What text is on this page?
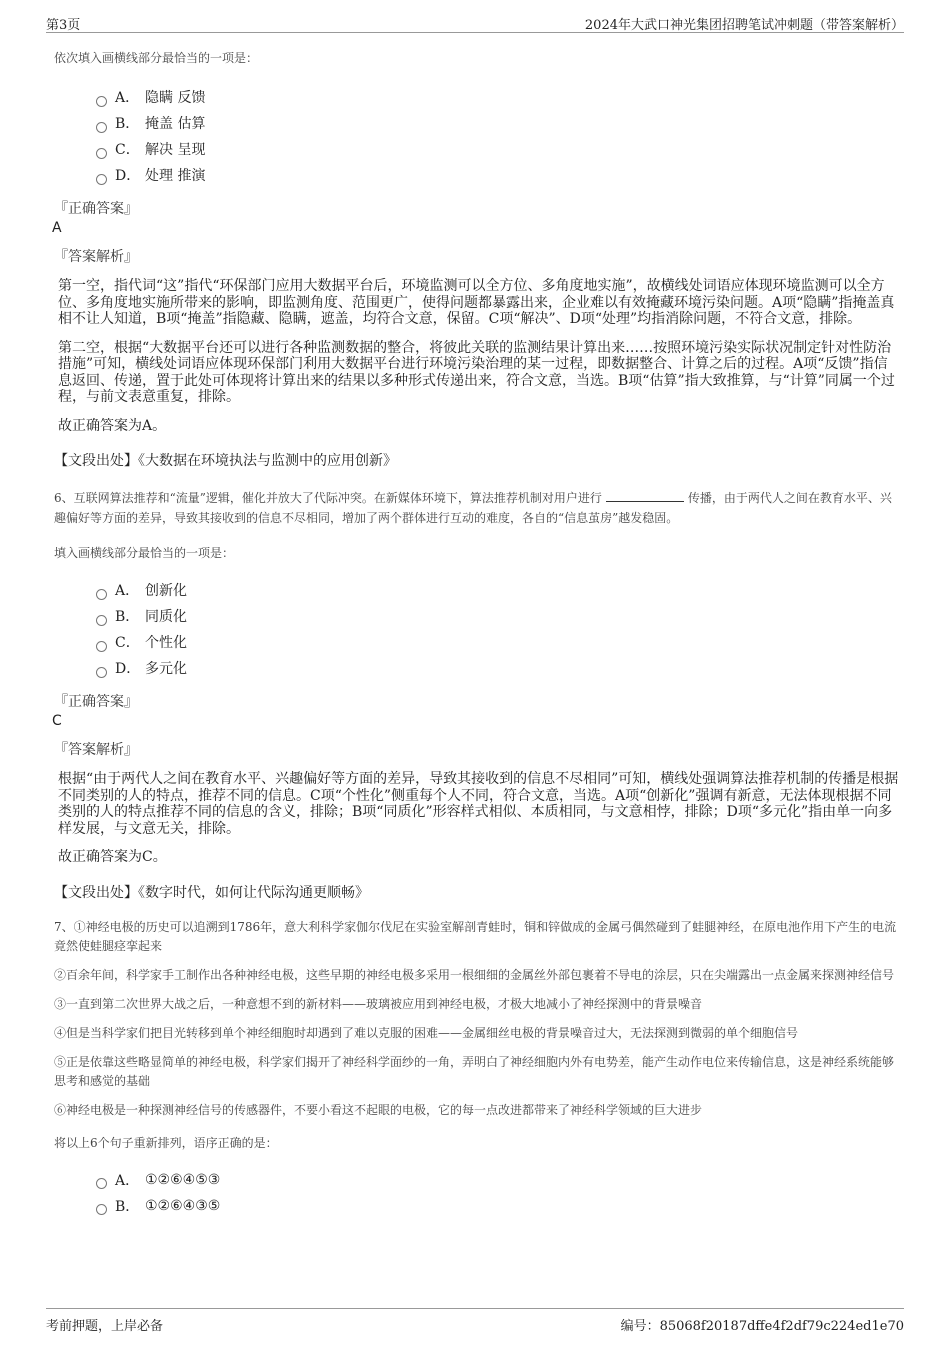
第3页	2024年大武口神光集团招聘笔试冲刺题（带答案解析）
依次填入画横线部分最恰当的一项是：
A． 隐瞒 反馈
B． 掩盖 估算
C． 解决 呈现
D． 处理 推演
『正确答案』
A
『答案解析』
第一空，指代词“这”指代“环保部门应用大数据平台后，环境监测可以全方位、多角度地实施”，故横线处词语应体现环境监测可以全方位、多角度地实施所带来的影响，即监测角度、范围更广，使得问题都暴露出来，企业难以有效掩藏环境污染问题。A项“隐瞒”指掩盖真相不让人知道，B项“掩盖”指隐藏、隐瞒，遮盖，均符合文意，保留。C项“解决”、D项“处理”均指消除问题，不符合文意，排除。
第二空，根据“大数据平台还可以进行各种监测数据的整合，将彼此关联的监测结果计算出来……按照环境污染实际状况制定针对性防治措施”可知，横线处词语应体现环保部门利用大数据平台进行环境污染治理的某一过程，即数据整合、计算之后的过程。A项“反馈”指信息返回、传递，置于此处可体现将计算出来的结果以多种形式传递出来，符合文意，当选。B项“估算”指大致推算，与“计算”同属一个过程，与前文表意重复，排除。
故正确答案为A。
【文段出处】《大数据在环境执法与监测中的应用创新》
6、互联网算法推荐和“流量”逻辑，催化并放大了代际冲突。在新媒体环境下，算法推荐机制对用户进行	传播，由于两代人之间在教育水平、兴趣偏好等方面的差异，导致其接收到的信息不尽相同，增加了两个群体进行互动的难度，各自的“信息茧房”越发稳固。
填入画横线部分最恰当的一项是：
A． 创新化
B． 同质化
C． 个性化
D． 多元化
『正确答案』
C
『答案解析』
根据“由于两代人之间在教育水平、兴趣偏好等方面的差异，导致其接收到的信息不尽相同”可知，横线处强调算法推荐机制的传播是根据不同类别的人的特点，推荐不同的信息。C项“个性化”侧重每个人不同，符合文意，当选。A项“创新化”强调有新意，无法体现根据不同类别的人的特点推荐不同的信息的含义，排除；B项“同质化”形容样式相似、本质相同，与文意相悖，排除；D项“多元化”指由单一向多样发展，与文意无关，排除。
故正确答案为C。
【文段出处】《数字时代，如何让代际沟通更顺畅》
7、①神经电极的历史可以追溯到1786年，意大利科学家伽尔伐尼在实验室解剖青蛙时，铜和锌做成的金属弓偶然碰到了蛙腿神经，在原电池作用下产生的电流竟然使蛙腿痉挛起来
②百余年间，科学家手工制作出各种神经电极，这些早期的神经电极多采用一根细细的金属丝外部包裹着不导电的涂层，只在尖端露出一点金属来探测神经信号
③一直到第二次世界大战之后，一种意想不到的新材料——玻璃被应用到神经电极，才极大地减小了神经探测中的背景噪音
④但是当科学家们把目光转移到单个神经细胞时却遇到了难以克服的困难——金属细丝电极的背景噪音过大，无法探测到微弱的单个细胞信号
⑤正是依靠这些略显简单的神经电极，科学家们揭开了神经科学面纱的一角，弄明白了神经细胞内外有电势差，能产生动作电位来传输信息，这是神经系统能够思考和感觉的基础
⑥神经电极是一种探测神经信号的传感器件，不要小看这不起眼的电极，它的每一点改进都带来了神经科学领域的巨大进步
将以上6个句子重新排列，语序正确的是：
A． ①②⑥④⑤③
B． ①②⑥④③⑤
考前押题，上岸必备	编号：85068f20187dffe4f2df79c224ed1e70
